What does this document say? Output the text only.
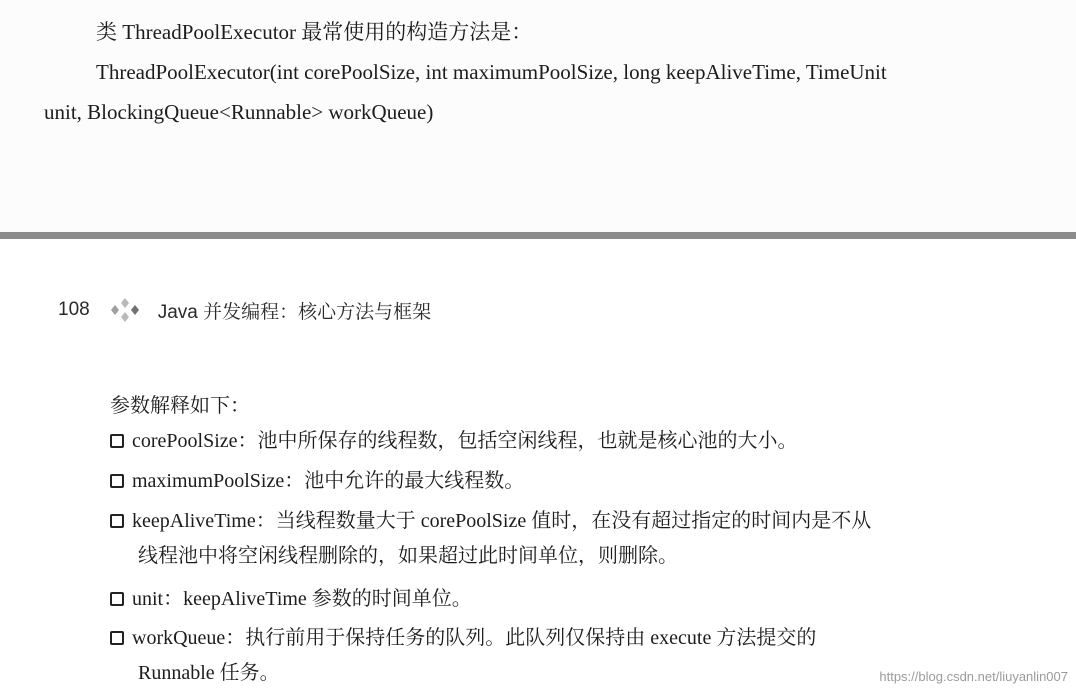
类 ThreadPoolExecutor 最常使用的构造方法是：
ThreadPoolExecutor(int corePoolSize, int maximumPoolSize, long keepAliveTime, TimeUnit
unit, BlockingQueue<Runnable> workQueue)
108	Java 并发编程：核心方法与框架
参数解释如下：
corePoolSize：池中所保存的线程数，包括空闲线程，也就是核心池的大小。
maximumPoolSize：池中允许的最大线程数。
keepAliveTime：当线程数量大于 corePoolSize 值时，在没有超过指定的时间内是不从
线程池中将空闲线程删除的，如果超过此时间单位，则删除。
unit：keepAliveTime 参数的时间单位。
workQueue：执行前用于保持任务的队列。此队列仅保持由 execute 方法提交的
Runnable 任务。	https://blog.csdn.net/liuyanlin007
